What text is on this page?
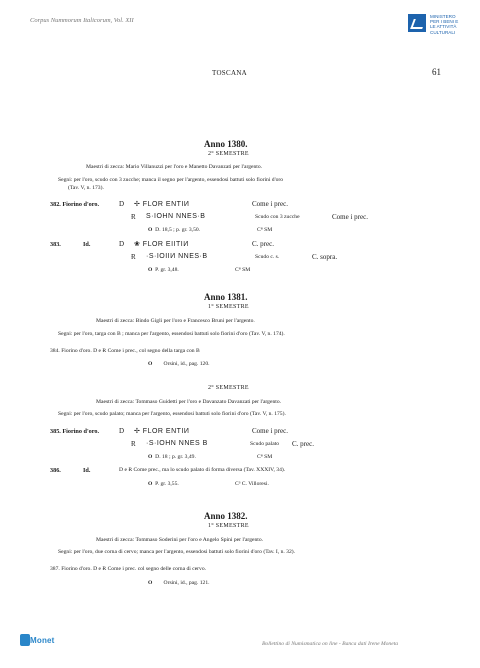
Corpus Nummorum Italicorum, Vol. XII
MINISTERO
PER I BENI E
LE ATTIVITÀ
CULTURALI
TOSCANA	61
Anno 1380.
2° SEMESTRE
Maestri di zecca: Mario Villanuzzi per l'oro e Manetto Davanzati per l'argento.
Segni: per l'oro, scudo con 3 zucche; manca il segno per l'argento, essendosi battuti solo fiorini d'oro
(Tav. V, n. 173).
382. Fiorino d'oro.	D ✢ FLOR ENTIИ	Come i prec.
Ɍ S·IOHN NNES·B	Scudo con 3 zucche	Come i prec.
O D. 18,5 ; p. gr. 3,50.	C⁸ SM
383.	Id.	D ❀ FLOR EIITIИ	C. prec.
Ɍ ·S·IOIIИ NNES·B	Scudo c. s.	C. sopra.
O P. gr. 3,48.	C⁸ SM
Anno 1381.
1° SEMESTRE
Maestri di zecca: Bindo Gigli per l'oro e Francesco Bruni per l'argento.
Segni: per l'oro, targa con B ; manca per l'argento, essendosi battuti solo fiorini d'oro (Tav. V, n. 174).
384. Fiorino d'oro. D e Ɍ Come i prec., col segno della targa con B
O Orsini, id., pag. 120.
2° SEMESTRE
Maestri di zecca: Tommaso Guidetti per l'oro e Davanzato Davanzati per l'argento.
Segni: per l'oro, scudo palato; manca per l'argento, essendosi battuti solo fiorini d'oro (Tav. V, n. 175).
385. Fiorino d'oro.	D ✢ FLOR ENTIИ	Come i prec.
Ɍ ·S·IOHN NNES B	Scudo palato C. prec.
O D. 18 ; p. gr. 3,49.	C⁸ SM
386.	Id.	D e Ɍ Come prec., ma lo scudo palato di forma diversa (Tav. XXXIV, 34).
O P. gr. 3,55.	C³ C. Villoresi.
Anno 1382.
1° SEMESTRE
Maestri di zecca: Tommaso Soderini per l'oro e Angelo Spini per l'argento.
Segni: per l'oro, due corna di cervo; manca per l'argento, essendosi battuti solo fiorini d'oro (Tav. I, n. 32).
387. Fiorino d'oro. D e Ɍ Come i prec. col segno delle corna di cervo.
O Orsini, id., pag. 121.
Monet	Bollettino di Numismatica on line - Banca dati Irene Moneta
